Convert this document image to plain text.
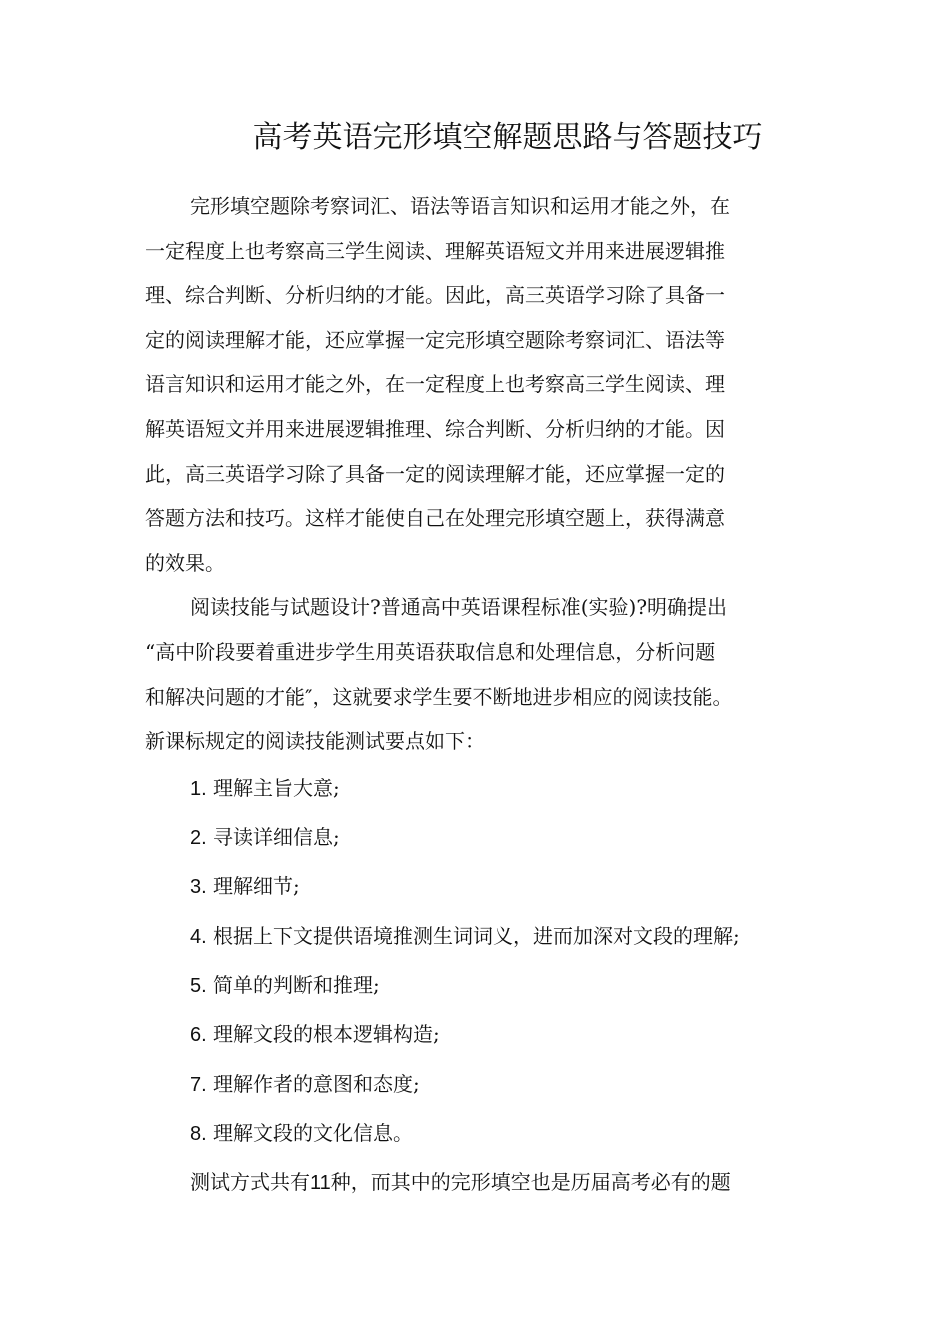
高考英语完形填空解题思路与答题技巧
完形填空题除考察词汇、语法等语言知识和运用才能之外，在
一定程度上也考察高三学生阅读、理解英语短文并用来进展逻辑推
理、综合判断、分析归纳的才能。因此，高三英语学习除了具备一
定的阅读理解才能，还应掌握一定完形填空题除考察词汇、语法等
语言知识和运用才能之外，在一定程度上也考察高三学生阅读、理
解英语短文并用来进展逻辑推理、综合判断、分析归纳的才能。因
此，高三英语学习除了具备一定的阅读理解才能，还应掌握一定的
答题方法和技巧。这样才能使自己在处理完形填空题上，获得满意
的效果。
阅读技能与试题设计?普通高中英语课程标准(实验)?明确提出
“高中阶段要着重进步学生用英语获取信息和处理信息，分析问题
和解决问题的才能″，这就要求学生要不断地进步相应的阅读技能。
新课标规定的阅读技能测试要点如下：
1. 理解主旨大意;
2. 寻读详细信息;
3. 理解细节;
4. 根据上下文提供语境推测生词词义，进而加深对文段的理解;
5. 简单的判断和推理;
6. 理解文段的根本逻辑构造;
7. 理解作者的意图和态度;
8. 理解文段的文化信息。

测试方式共有11种，而其中的完形填空也是历届高考必有的题
